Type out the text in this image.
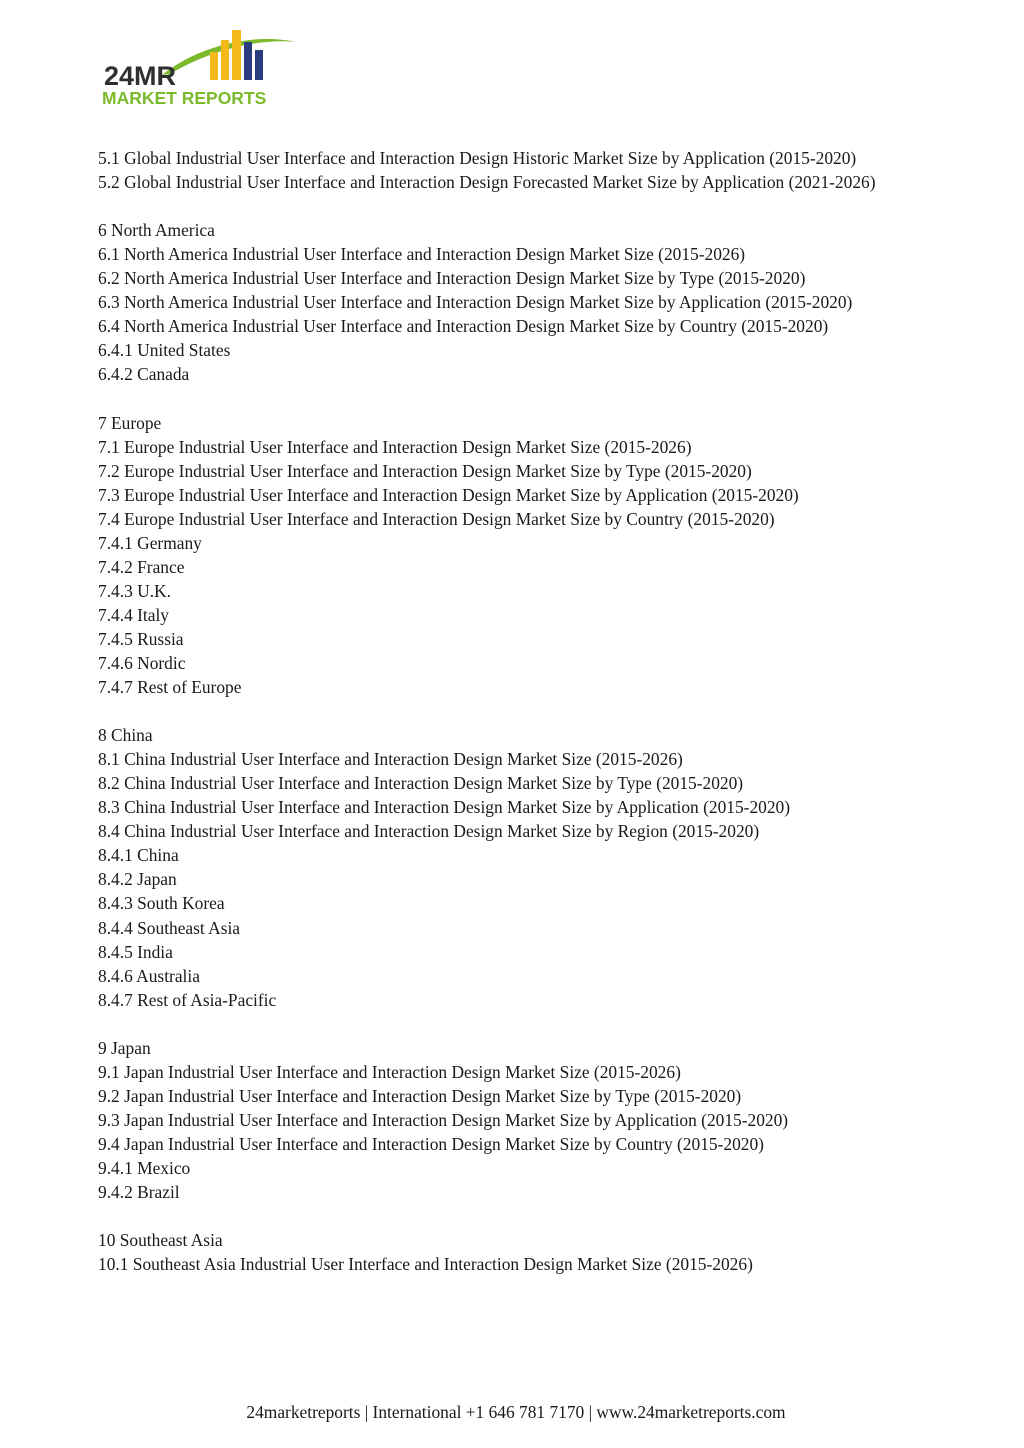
24MR
MARKET REPORTS
5.1 Global Industrial User Interface and Interaction Design Historic Market Size by Application (2015-2020)
5.2 Global Industrial User Interface and Interaction Design Forecasted Market Size by Application (2021-2026)
6 North America
6.1 North America Industrial User Interface and Interaction Design Market Size (2015-2026)
6.2 North America Industrial User Interface and Interaction Design Market Size by Type (2015-2020)
6.3 North America Industrial User Interface and Interaction Design Market Size by Application (2015-2020)
6.4 North America Industrial User Interface and Interaction Design Market Size by Country (2015-2020)
6.4.1 United States
6.4.2 Canada
7 Europe
7.1 Europe Industrial User Interface and Interaction Design Market Size (2015-2026)
7.2 Europe Industrial User Interface and Interaction Design Market Size by Type (2015-2020)
7.3 Europe Industrial User Interface and Interaction Design Market Size by Application (2015-2020)
7.4 Europe Industrial User Interface and Interaction Design Market Size by Country (2015-2020)
7.4.1 Germany
7.4.2 France
7.4.3 U.K.
7.4.4 Italy
7.4.5 Russia
7.4.6 Nordic
7.4.7 Rest of Europe
8 China
8.1 China Industrial User Interface and Interaction Design Market Size (2015-2026)
8.2 China Industrial User Interface and Interaction Design Market Size by Type (2015-2020)
8.3 China Industrial User Interface and Interaction Design Market Size by Application (2015-2020)
8.4 China Industrial User Interface and Interaction Design Market Size by Region (2015-2020)
8.4.1 China
8.4.2 Japan
8.4.3 South Korea
8.4.4 Southeast Asia
8.4.5 India
8.4.6 Australia
8.4.7 Rest of Asia-Pacific
9 Japan
9.1 Japan Industrial User Interface and Interaction Design Market Size (2015-2026)
9.2 Japan Industrial User Interface and Interaction Design Market Size by Type (2015-2020)
9.3 Japan Industrial User Interface and Interaction Design Market Size by Application (2015-2020)
9.4 Japan Industrial User Interface and Interaction Design Market Size by Country (2015-2020)
9.4.1 Mexico
9.4.2 Brazil
10 Southeast Asia
10.1 Southeast Asia Industrial User Interface and Interaction Design Market Size (2015-2026)
24marketreports | International +1 646 781 7170 | www.24marketreports.com
